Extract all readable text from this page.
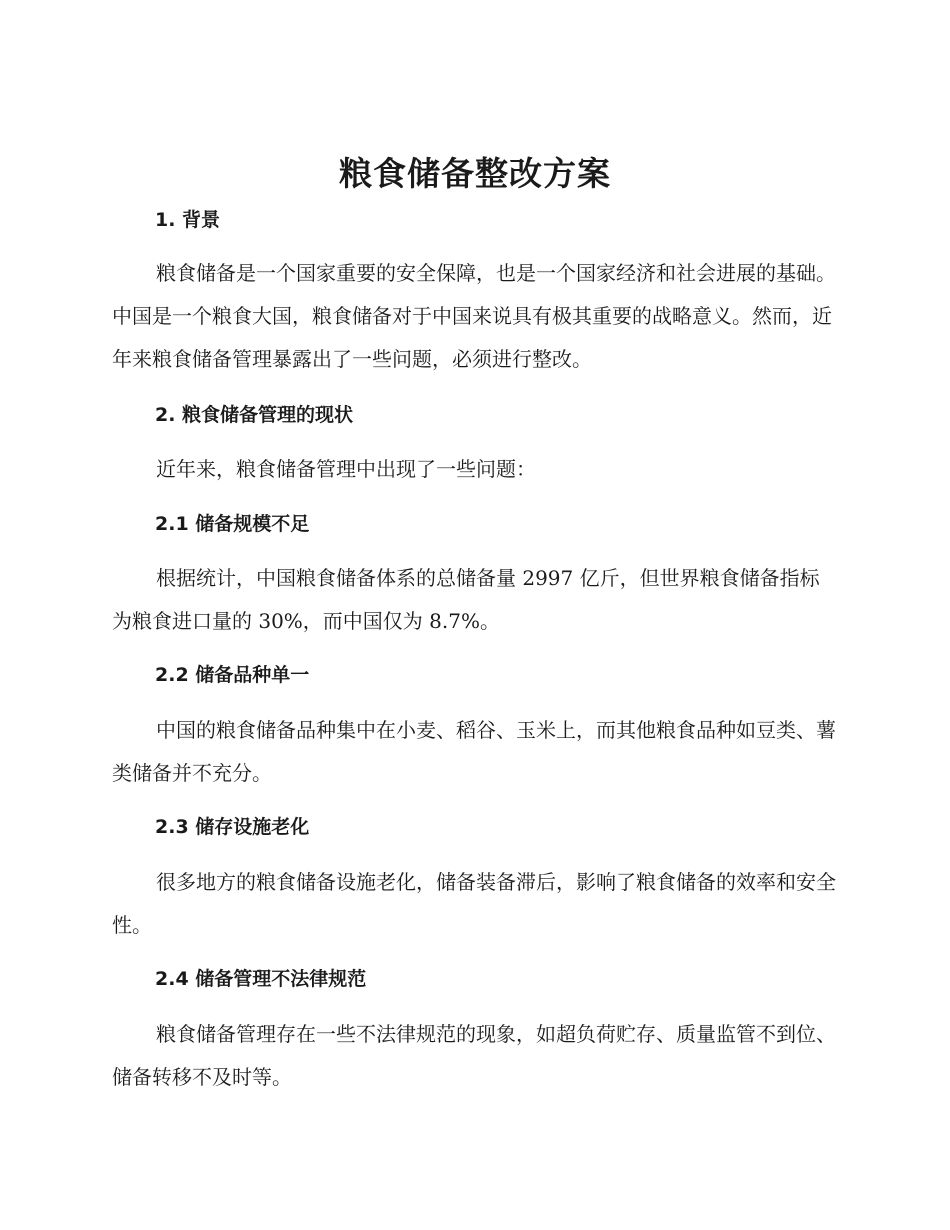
粮食储备整改方案
1. 背景

粮食储备是一个国家重要的安全保障，也是一个国家经济和社会进展的基础。中国是一个粮食大国，粮食储备对于中国来说具有极其重要的战略意义。然而，近年来粮食储备管理暴露出了一些问题，必须进行整改。

2. 粮食储备管理的现状

近年来，粮食储备管理中出现了一些问题：

2.1 储备规模不足

根据统计，中国粮食储备体系的总储备量 2997 亿斤，但世界粮食储备指标为粮食进口量的 30%，而中国仅为 8.7%。

2.2 储备品种单一

中国的粮食储备品种集中在小麦、稻谷、玉米上，而其他粮食品种如豆类、薯类储备并不充分。

2.3 储存设施老化

很多地方的粮食储备设施老化，储备装备滞后，影响了粮食储备的效率和安全性。

2.4 储备管理不法律规范

粮食储备管理存在一些不法律规范的现象，如超负荷贮存、质量监管不到位、储备转移不及时等。
